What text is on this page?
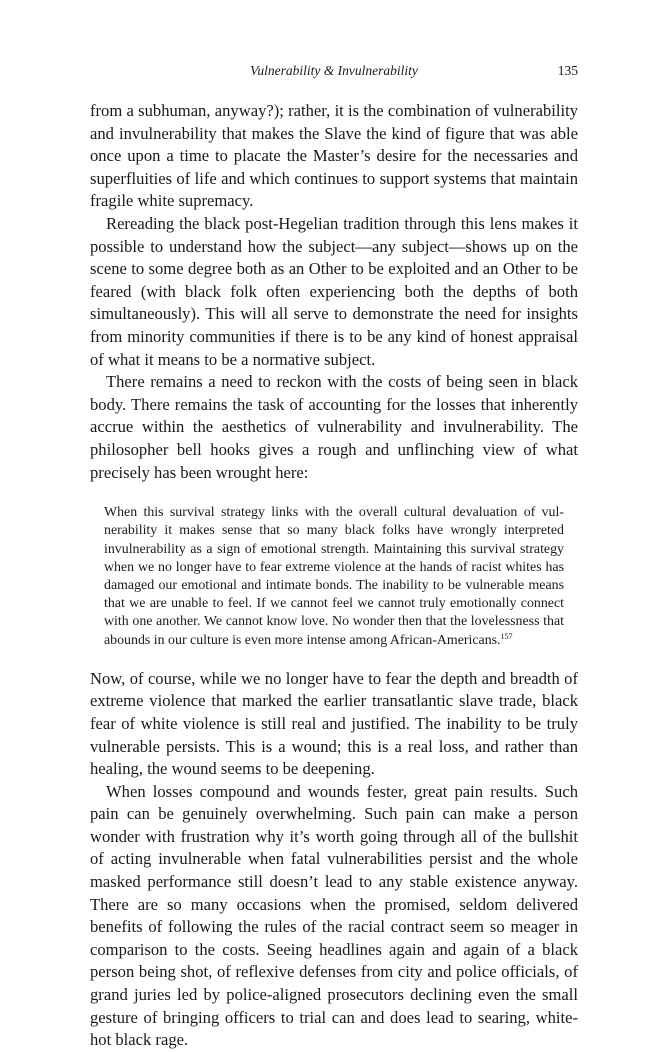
Vulnerability & Invulnerability	135

from a subhuman, anyway?); rather, it is the combination of vulnerability and invulnerability that makes the Slave the kind of figure that was able once upon a time to placate the Master’s desire for the necessaries and superfluities of life and which continues to support systems that maintain fragile white supremacy.

Rereading the black post-Hegelian tradition through this lens makes it possible to understand how the subject—any subject—shows up on the scene to some degree both as an Other to be exploited and an Other to be feared (with black folk often experiencing both the depths of both simultaneously). This will all serve to demonstrate the need for insights from minority communities if there is to be any kind of honest appraisal of what it means to be a normative subject.

There remains a need to reckon with the costs of being seen in black body. There remains the task of accounting for the losses that inherently accrue within the aesthetics of vulnerability and invulnerability. The philosopher bell hooks gives a rough and unflinching view of what precisely has been wrought here:

When this survival strategy links with the overall cultural devaluation of vulnerability it makes sense that so many black folks have wrongly interpreted invulnerability as a sign of emotional strength. Maintaining this survival strategy when we no longer have to fear extreme violence at the hands of racist whites has damaged our emotional and intimate bonds. The inability to be vulnerable means that we are unable to feel. If we cannot feel we cannot truly emotionally connect with one another. We cannot know love. No wonder then that the lovelessness that abounds in our culture is even more intense among African-Americans.$^{157}$

Now, of course, while we no longer have to fear the depth and breadth of extreme violence that marked the earlier transatlantic slave trade, black fear of white violence is still real and justified. The inability to be truly vulnerable persists. This is a wound; this is a real loss, and rather than healing, the wound seems to be deepening.

When losses compound and wounds fester, great pain results. Such pain can be genuinely overwhelming. Such pain can make a person wonder with frustration why it’s worth going through all of the bullshit of acting invulnerable when fatal vulnerabilities persist and the whole masked performance still doesn’t lead to any stable existence anyway. There are so many occasions when the promised, seldom delivered benefits of following the rules of the racial contract seem so meager in comparison to the costs. Seeing headlines again and again of a black person being shot, of reflexive defenses from city and police officials, of grand juries led by police-aligned prosecutors declining even the small gesture of bringing officers to trial can and does lead to searing, white-hot black rage.
